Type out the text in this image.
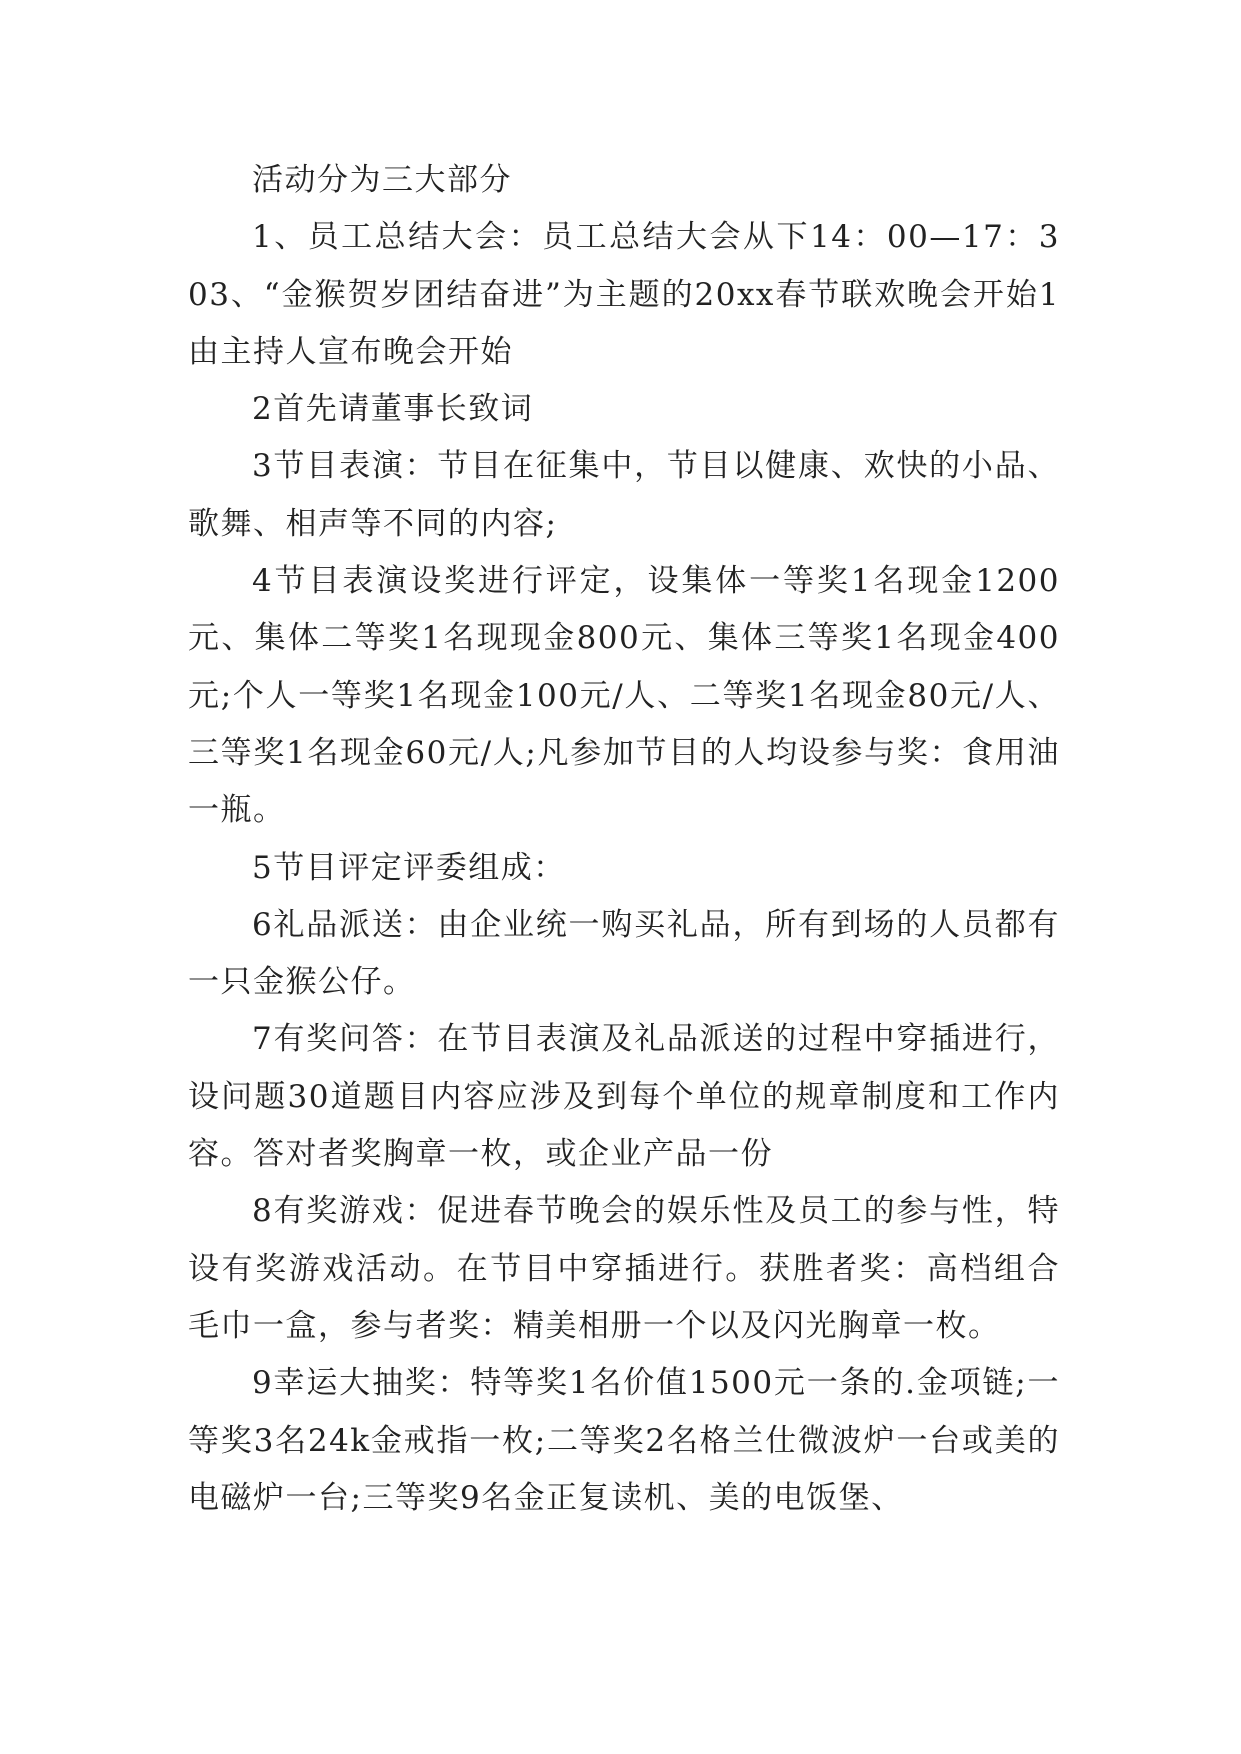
活动分为三大部分

1、员工总结大会：员工总结大会从下14：00—17：303、“金猴贺岁团结奋进”为主题的20xx春节联欢晚会开始1由主持人宣布晚会开始

2首先请董事长致词

3节目表演：节目在征集中，节目以健康、欢快的小品、歌舞、相声等不同的内容;

4节目表演设奖进行评定，设集体一等奖1名现金1200元、集体二等奖1名现现金800元、集体三等奖1名现金400元;个人一等奖1名现金100元/人、二等奖1名现金80元/人、三等奖1名现金60元/人;凡参加节目的人均设参与奖：食用油一瓶。

5节目评定评委组成：

6礼品派送：由企业统一购买礼品，所有到场的人员都有一只金猴公仔。

7有奖问答：在节目表演及礼品派送的过程中穿插进行，设问题30道题目内容应涉及到每个单位的规章制度和工作内容。答对者奖胸章一枚，或企业产品一份

8有奖游戏：促进春节晚会的娱乐性及员工的参与性，特设有奖游戏活动。在节目中穿插进行。获胜者奖：高档组合毛巾一盒，参与者奖：精美相册一个以及闪光胸章一枚。

9幸运大抽奖：特等奖1名价值1500元一条的.金项链;一等奖3名24k金戒指一枚;二等奖2名格兰仕微波炉一台或美的电磁炉一台;三等奖9名金正复读机、美的电饭堡、
